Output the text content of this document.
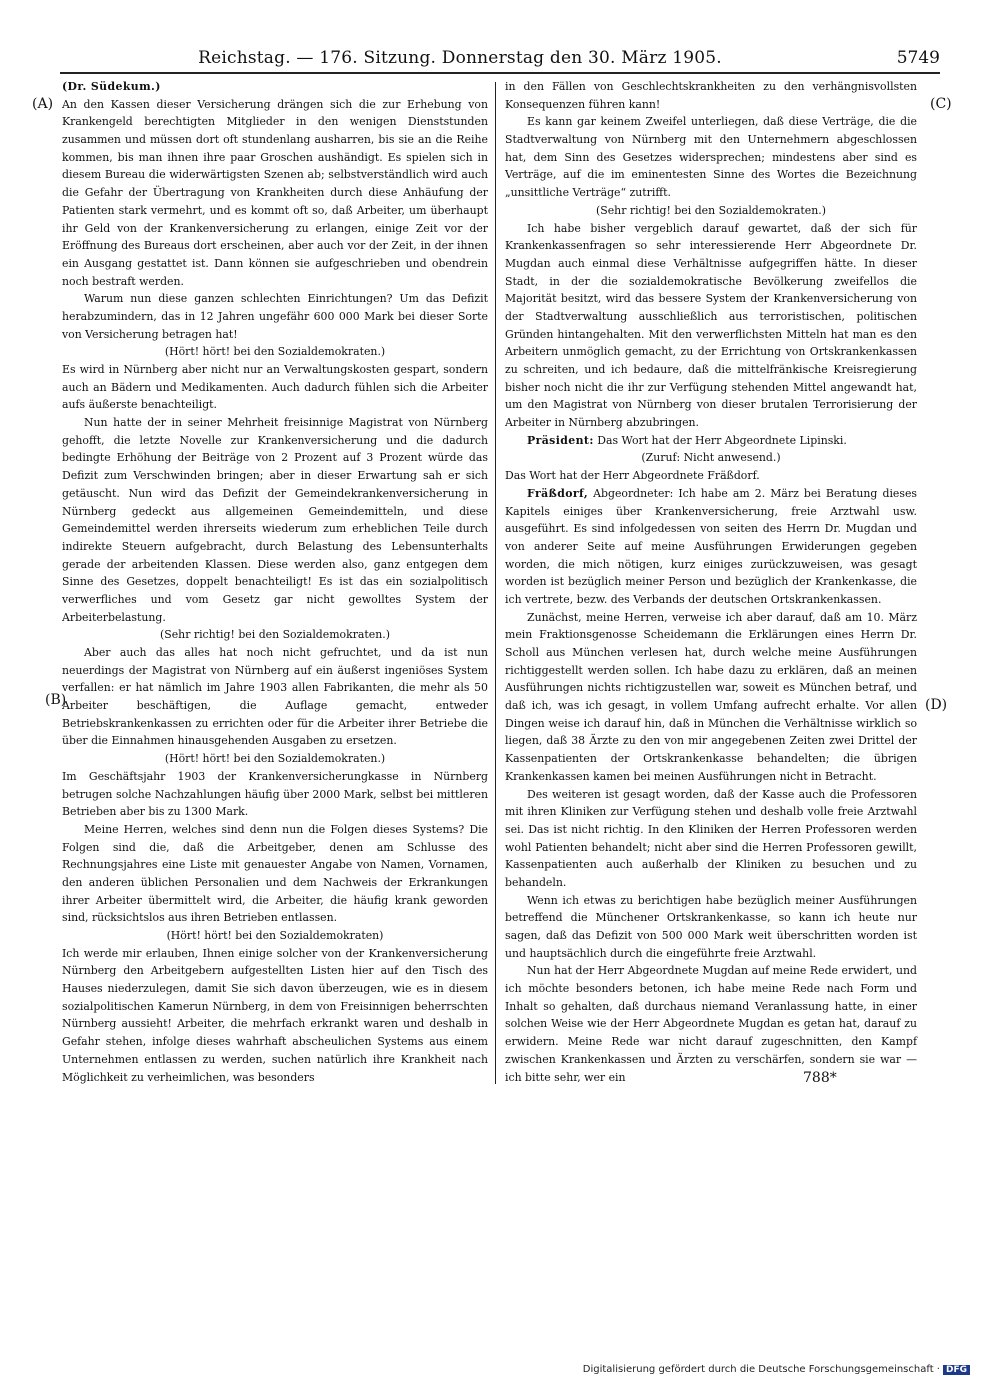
Reichstag. — 176. Sitzung. Donnerstag den 30. März 1905.	5749
(A)
(B)
(C)
(D)

(Dr. Südekum.)

An den Kassen dieser Versicherung drängen sich die zur Erhebung von Krankengeld berechtigten Mitglieder in den wenigen Dienststunden zusammen und müssen dort oft stundenlang ausharren, bis sie an die Reihe kommen, bis man ihnen ihre paar Groschen aushändigt. Es spielen sich in diesem Bureau die widerwärtigsten Szenen ab; selbstverständlich wird auch die Gefahr der Übertragung von Krankheiten durch diese Anhäufung der Patienten stark vermehrt, und es kommt oft so, daß Arbeiter, um überhaupt ihr Geld von der Krankenversicherung zu erlangen, einige Zeit vor der Eröffnung des Bureaus dort erscheinen, aber auch vor der Zeit, in der ihnen ein Ausgang gestattet ist. Dann können sie aufgeschrieben und obendrein noch bestraft werden.

Warum nun diese ganzen schlechten Einrichtungen? Um das Defizit herabzumindern, das in 12 Jahren ungefähr 600 000 Mark bei dieser Sorte von Versicherung betragen hat!

(Hört! hört! bei den Sozialdemokraten.)

Es wird in Nürnberg aber nicht nur an Verwaltungskosten gespart, sondern auch an Bädern und Medikamenten. Auch dadurch fühlen sich die Arbeiter aufs äußerste benachteiligt.

Nun hatte der in seiner Mehrheit freisinnige Magistrat von Nürnberg gehofft, die letzte Novelle zur Krankenversicherung und die dadurch bedingte Erhöhung der Beiträge von 2 Prozent auf 3 Prozent würde das Defizit zum Verschwinden bringen; aber in dieser Erwartung sah er sich getäuscht. Nun wird das Defizit der Gemeindekrankenversicherung in Nürnberg gedeckt aus allgemeinen Gemeindemitteln, und diese Gemeindemittel werden ihrerseits wiederum zum erheblichen Teile durch indirekte Steuern aufgebracht, durch Belastung des Lebensunterhalts gerade der arbeitenden Klassen. Diese werden also, ganz entgegen dem Sinne des Gesetzes, doppelt benachteiligt! Es ist das ein sozialpolitisch verwerfliches und vom Gesetz gar nicht gewolltes System der Arbeiterbelastung.

(Sehr richtig! bei den Sozialdemokraten.)

Aber auch das alles hat noch nicht gefruchtet, und da ist nun neuerdings der Magistrat von Nürnberg auf ein äußerst ingeniöses System verfallen: er hat nämlich im Jahre 1903 allen Fabrikanten, die mehr als 50 Arbeiter beschäftigen, die Auflage gemacht, entweder Betriebskrankenkassen zu errichten oder für die Arbeiter ihrer Betriebe die über die Einnahmen hinausgehenden Ausgaben zu ersetzen.

(Hört! hört! bei den Sozialdemokraten.)

Im Geschäftsjahr 1903 der Krankenversicherungkasse in Nürnberg betrugen solche Nachzahlungen häufig über 2000 Mark, selbst bei mittleren Betrieben aber bis zu 1300 Mark.

Meine Herren, welches sind denn nun die Folgen dieses Systems? Die Folgen sind die, daß die Arbeitgeber, denen am Schlusse des Rechnungsjahres eine Liste mit genauester Angabe von Namen, Vornamen, den anderen üblichen Personalien und dem Nachweis der Erkrankungen ihrer Arbeiter übermittelt wird, die Arbeiter, die häufig krank geworden sind, rücksichtslos aus ihren Betrieben entlassen.

(Hört! hört! bei den Sozialdemokraten)

Ich werde mir erlauben, Ihnen einige solcher von der Krankenversicherung Nürnberg den Arbeitgebern aufgestellten Listen hier auf den Tisch des Hauses niederzulegen, damit Sie sich davon überzeugen, wie es in diesem sozialpolitischen Kamerun Nürnberg, in dem von Freisinnigen beherrschten Nürnberg aussieht! Arbeiter, die mehrfach erkrankt waren und deshalb in Gefahr stehen, infolge dieses wahrhaft abscheulichen Systems aus einem Unternehmen entlassen zu werden, suchen natürlich ihre Krankheit nach Möglichkeit zu verheimlichen, was besonders

in den Fällen von Geschlechtskrankheiten zu den verhängnisvollsten Konsequenzen führen kann!

Es kann gar keinem Zweifel unterliegen, daß diese Verträge, die die Stadtverwaltung von Nürnberg mit den Unternehmern abgeschlossen hat, dem Sinn des Gesetzes widersprechen; mindestens aber sind es Verträge, auf die im eminentesten Sinne des Wortes die Bezeichnung „unsittliche Verträge“ zutrifft.

(Sehr richtig! bei den Sozialdemokraten.)

Ich habe bisher vergeblich darauf gewartet, daß der sich für Krankenkassenfragen so sehr interessierende Herr Abgeordnete Dr. Mugdan auch einmal diese Verhältnisse aufgegriffen hätte. In dieser Stadt, in der die sozialdemokratische Bevölkerung zweifellos die Majorität besitzt, wird das bessere System der Krankenversicherung von der Stadtverwaltung ausschließlich aus terroristischen, politischen Gründen hintangehalten. Mit den verwerflichsten Mitteln hat man es den Arbeitern unmöglich gemacht, zu der Errichtung von Ortskrankenkassen zu schreiten, und ich bedaure, daß die mittelfränkische Kreisregierung bisher noch nicht die ihr zur Verfügung stehenden Mittel angewandt hat, um den Magistrat von Nürnberg von dieser brutalen Terrorisierung der Arbeiter in Nürnberg abzubringen.

Präsident: Das Wort hat der Herr Abgeordnete Lipinski.

(Zuruf: Nicht anwesend.)

Das Wort hat der Herr Abgeordnete Fräßdorf.

Fräßdorf, Abgeordneter: Ich habe am 2. März bei Beratung dieses Kapitels einiges über Krankenversicherung, freie Arztwahl usw. ausgeführt. Es sind infolgedessen von seiten des Herrn Dr. Mugdan und von anderer Seite auf meine Ausführungen Erwiderungen gegeben worden, die mich nötigen, kurz einiges zurückzuweisen, was gesagt worden ist bezüglich meiner Person und bezüglich der Krankenkasse, die ich vertrete, bezw. des Verbands der deutschen Ortskrankenkassen.

Zunächst, meine Herren, verweise ich aber darauf, daß am 10. März mein Fraktionsgenosse Scheidemann die Erklärungen eines Herrn Dr. Scholl aus München verlesen hat, durch welche meine Ausführungen richtiggestellt werden sollen. Ich habe dazu zu erklären, daß an meinen Ausführungen nichts richtigzustellen war, soweit es München betraf, und daß ich, was ich gesagt, in vollem Umfang aufrecht erhalte. Vor allen Dingen weise ich darauf hin, daß in München die Verhältnisse wirklich so liegen, daß 38 Ärzte zu den von mir angegebenen Zeiten zwei Drittel der Kassenpatienten der Ortskrankenkasse behandelten; die übrigen Krankenkassen kamen bei meinen Ausführungen nicht in Betracht.

Des weiteren ist gesagt worden, daß der Kasse auch die Professoren mit ihren Kliniken zur Verfügung stehen und deshalb volle freie Arztwahl sei. Das ist nicht richtig. In den Kliniken der Herren Professoren werden wohl Patienten behandelt; nicht aber sind die Herren Professoren gewillt, Kassenpatienten auch außerhalb der Kliniken zu besuchen und zu behandeln.

Wenn ich etwas zu berichtigen habe bezüglich meiner Ausführungen betreffend die Münchener Ortskrankenkasse, so kann ich heute nur sagen, daß das Defizit von 500 000 Mark weit überschritten worden ist und hauptsächlich durch die eingeführte freie Arztwahl.

Nun hat der Herr Abgeordnete Mugdan auf meine Rede erwidert, und ich möchte besonders betonen, ich habe meine Rede nach Form und Inhalt so gehalten, daß durchaus niemand Veranlassung hatte, in einer solchen Weise wie der Herr Abgeordnete Mugdan es getan hat, darauf zu erwidern. Meine Rede war nicht darauf zugeschnitten, den Kampf zwischen Krankenkassen und Ärzten zu verschärfen, sondern sie war — ich bitte sehr, wer ein	788*
Digitalisierung gefördert durch die Deutsche Forschungsgemeinschaft · DFG
